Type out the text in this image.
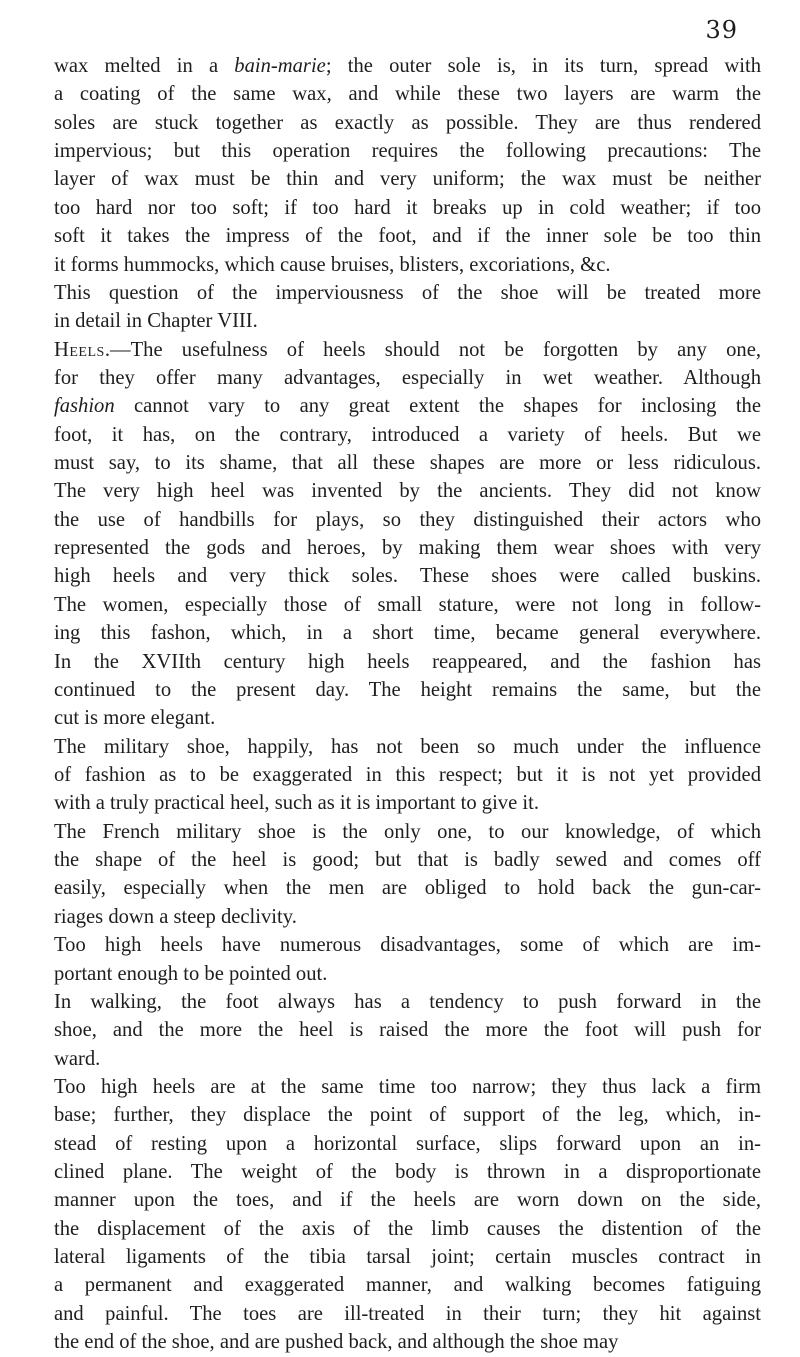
39
wax melted in a bain-marie; the outer sole is, in its turn, spread with
a coating of the same wax, and while these two layers are warm the
soles are stuck together as exactly as possible. They are thus rendered
impervious; but this operation requires the following precautions: The
layer of wax must be thin and very uniform; the wax must be neither
too hard nor too soft; if too hard it breaks up in cold weather; if too
soft it takes the impress of the foot, and if the inner sole be too thin
it forms hummocks, which cause bruises, blisters, excoriations, &c.
This question of the imperviousness of the shoe will be treated more
in detail in Chapter VIII.
Heels.—The usefulness of heels should not be forgotten by any one,
for they offer many advantages, especially in wet weather. Although
fashion cannot vary to any great extent the shapes for inclosing the
foot, it has, on the contrary, introduced a variety of heels. But we
must say, to its shame, that all these shapes are more or less ridiculous.
The very high heel was invented by the ancients. They did not know
the use of handbills for plays, so they distinguished their actors who
represented the gods and heroes, by making them wear shoes with very
high heels and very thick soles. These shoes were called buskins.
The women, especially those of small stature, were not long in follow-
ing this fashon, which, in a short time, became general everywhere.
In the XVIIth century high heels reappeared, and the fashion has
continued to the present day. The height remains the same, but the
cut is more elegant.
The military shoe, happily, has not been so much under the influence
of fashion as to be exaggerated in this respect; but it is not yet provided
with a truly practical heel, such as it is important to give it.
The French military shoe is the only one, to our knowledge, of which
the shape of the heel is good; but that is badly sewed and comes off
easily, especially when the men are obliged to hold back the gun-car-
riages down a steep declivity.
Too high heels have numerous disadvantages, some of which are im-
portant enough to be pointed out.
In walking, the foot always has a tendency to push forward in the
shoe, and the more the heel is raised the more the foot will push for
ward.
Too high heels are at the same time too narrow; they thus lack a firm
base; further, they displace the point of support of the leg, which, in-
stead of resting upon a horizontal surface, slips forward upon an in-
clined plane. The weight of the body is thrown in a disproportionate
manner upon the toes, and if the heels are worn down on the side,
the displacement of the axis of the limb causes the distention of the
lateral ligaments of the tibia tarsal joint; certain muscles contract in
a permanent and exaggerated manner, and walking becomes fatiguing
and painful. The toes are ill-treated in their turn; they hit against
the end of the shoe, and are pushed back, and although the shoe may
